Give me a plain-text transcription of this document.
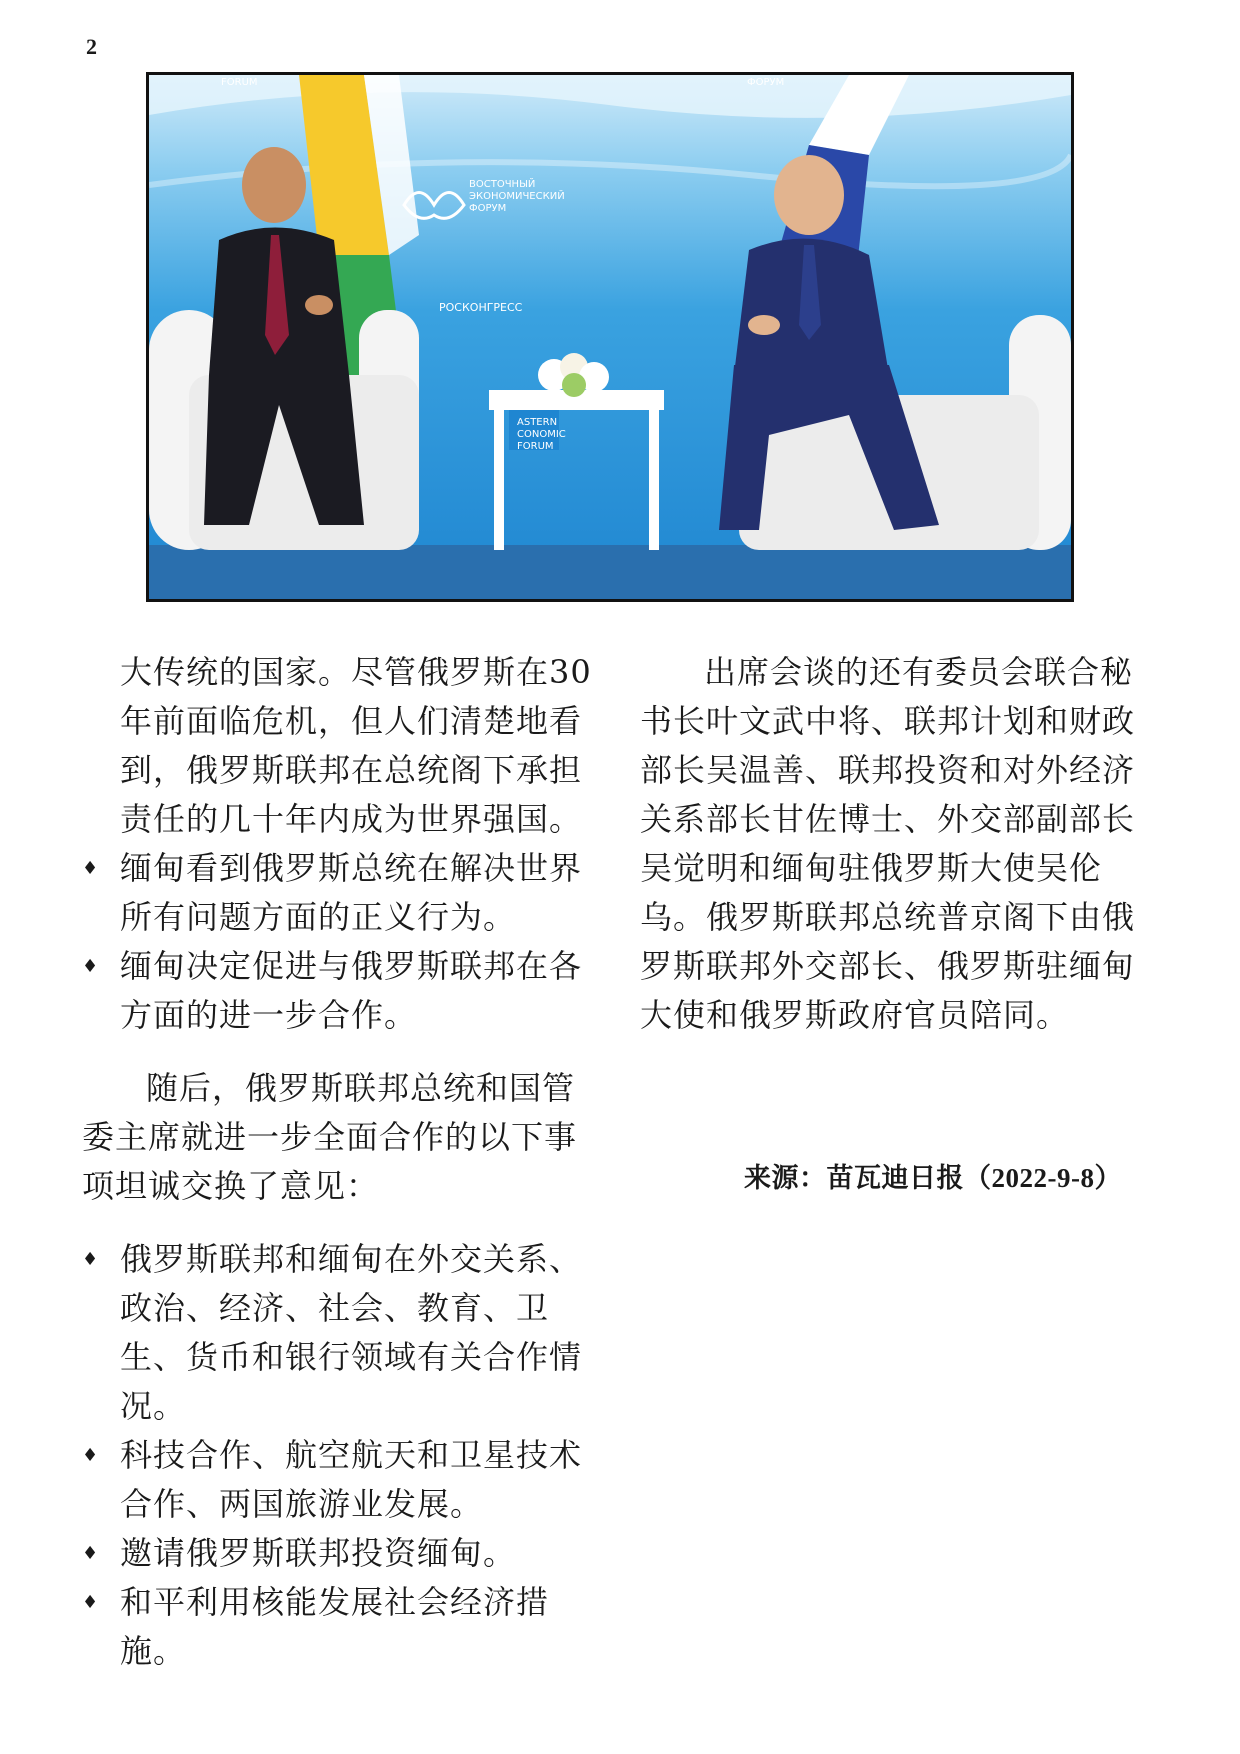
2
ВОСТОЧНЫЙ
ЭКОНОМИЧЕСКИЙ
ФОРУМ
РОСКОНГРЕСС
FORUM	ФОРУМ
ASTERN
CONOMIC
FORUM

大传统的国家。尽管俄罗斯在30年前面临危机，但人们清楚地看到，俄罗斯联邦在总统阁下承担责任的几十年内成为世界强国。

♦ 缅甸看到俄罗斯总统在解决世界所有问题方面的正义行为。
♦ 缅甸决定促进与俄罗斯联邦在各方面的进一步合作。

随后，俄罗斯联邦总统和国管委主席就进一步全面合作的以下事项坦诚交换了意见：

♦ 俄罗斯联邦和缅甸在外交关系、政治、经济、社会、教育、卫生、货币和银行领域有关合作情况。
♦ 科技合作、航空航天和卫星技术合作、两国旅游业发展。
♦ 邀请俄罗斯联邦投资缅甸。
♦ 和平利用核能发展社会经济措施。

出席会谈的还有委员会联合秘书长叶文武中将、联邦计划和财政部长吴温善、联邦投资和对外经济关系部长甘佐博士、外交部副部长吴觉明和缅甸驻俄罗斯大使吴伦乌。俄罗斯联邦总统普京阁下由俄罗斯联邦外交部长、俄罗斯驻缅甸大使和俄罗斯政府官员陪同。

来源：苗瓦迪日报（2022-9-8）
